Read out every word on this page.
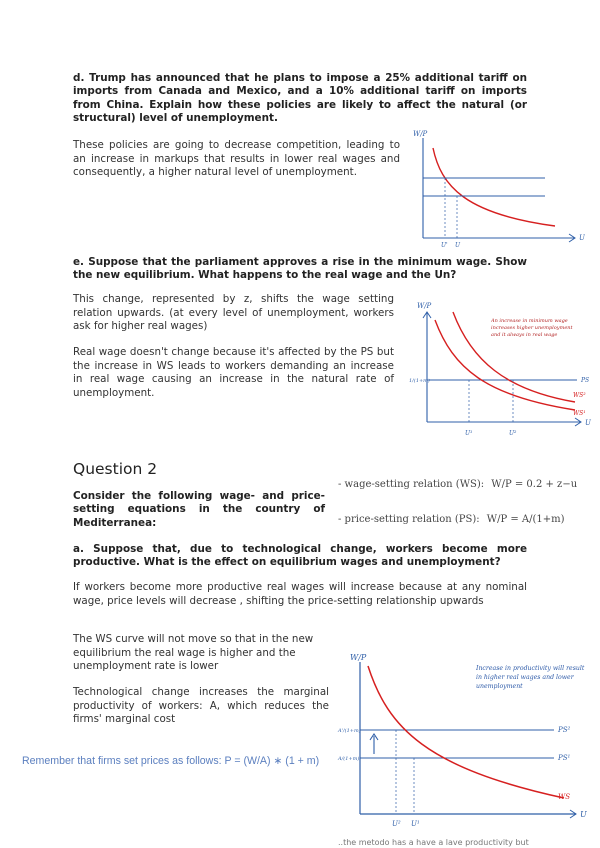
d. Trump has announced that he plans to impose a 25% additional tariff on imports from Canada and Mexico, and a 10% additional tariff on imports from China. Explain how these policies are likely to affect the natural (or structural) level of unemployment.
These policies are going to decrease competition, leading to an increase in markups that results in lower real wages and consequently, a higher natural level of unemployment.
W/P
U
U' U
e. Suppose that the parliament approves a rise in the minimum wage. Show the new equilibrium. What happens to the real wage and the Un?
This change, represented by z, shifts the wage setting relation upwards. (at every level of unemployment, workers ask for higher real wages)
Real wage doesn't change because it's affected by the PS but the increase in WS leads to workers demanding an increase in real wage causing an increase in the natural rate of unemployment.
W/P
U
PS
1/(1+m)
WS²
WS¹
U¹	U²
An increase in minimum wage increases higher unemployment and it always in real wage
Question 2
Consider the following wage- and price-setting equations in the country of Mediterranea:
- wage-setting relation (WS): W/P = 0.2 + z−u
- price-setting relation (PS): W/P = A/(1+m)
a. Suppose that, due to technological change, workers become more productive. What is the effect on equilibrium wages and unemployment?
If workers become more productive real wages will increase because at any nominal wage, price levels will decrease , shifting the price-setting relationship upwards
The WS curve will not move so that in the new equilibrium the real wage is higher and the unemployment rate is lower
Technological change increases the marginal productivity of workers: A, which reduces the firms' marginal cost
Remember that firms set prices as follows: P = (W/A) ∗ (1 + m)
W/P
U
PS²
PS¹
A'/(1+m)
A/(1+m)
WS
U² U¹
Increase in productivity will result in higher real wages and lower unemployment
..the metodo has a have a lave productivity but
